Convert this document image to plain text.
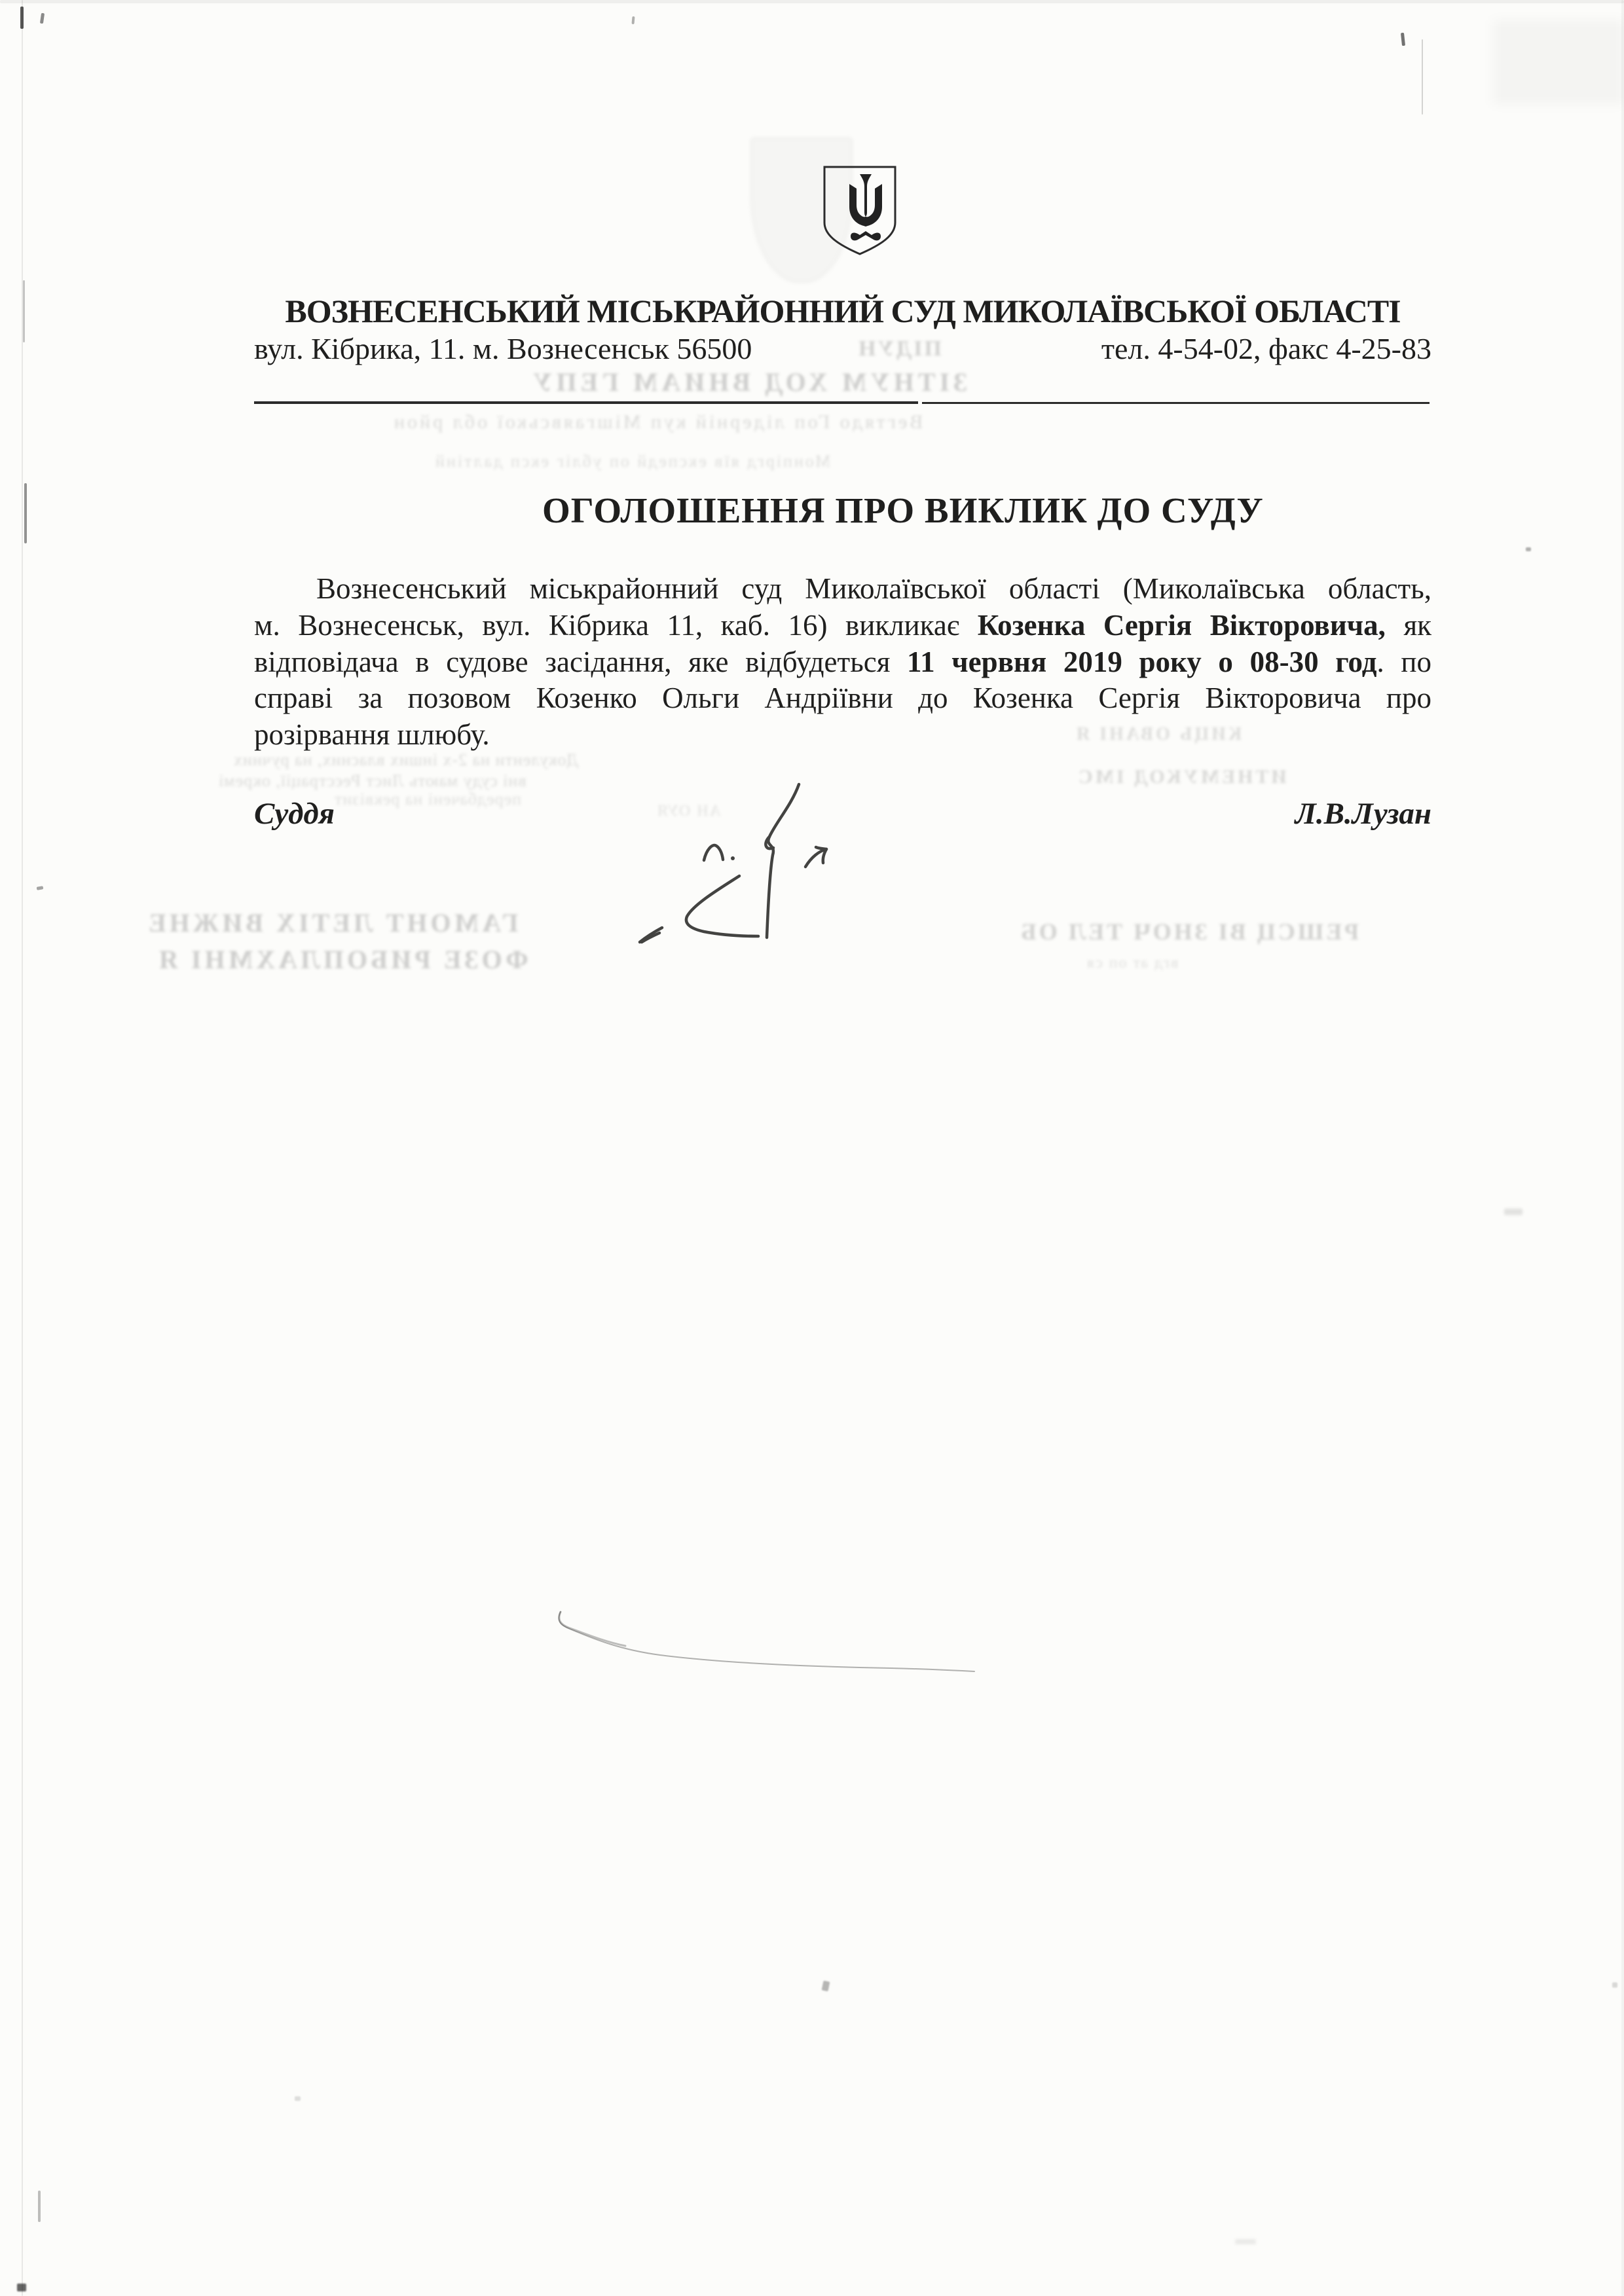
ПІДУН
ЗІТНУМ ХОД ВНИАМ ГЕПУ
Вегтядо Гоп лідерній куп Мішгаявської обл рйон
Монпіргд яїв експедй оп убліг експ далтінй
КИЦЬ ОВАНІ Я
ИТНЕМУКОД ІМС
Докуленти на 2-х інших власних, на ручних
вні суду мають Лист Реєстрації, окремі
передбачені на реквізит
АН ОУЯ
ГАМОНТ ЛЕТІХ ВИЖНЕ
ФОЗЕ РИБОПЛАХМНІ Я
РЕШСЦ ВІ ЗНОЧ ТЕЛ ОБ
вгд ат оп ся
ВОЗНЕСЕНСЬКИЙ МІСЬКРАЙОННИЙ СУД МИКОЛАЇВСЬКОЇ ОБЛАСТІ
вул. Кібрика, 11. м. Вознесенськ 56500	тел. 4-54-02, факс 4-25-83
ОГОЛОШЕННЯ ПРО ВИКЛИК ДО СУДУ
Вознесенський міськрайонний суд Миколаївської області (Миколаївська область,
м. Вознесенськ, вул. Кібрика 11, каб. 16) викликає Козенка Сергія Вікторовича, як
відповідача в судове засідання, яке відбудеться 11 червня 2019 року о 08-30 год. по
справі за позовом Козенко Ольги Андріївни до Козенка Сергія Вікторовича про
розірвання шлюбу.
Суддя	Л.В.Лузан
